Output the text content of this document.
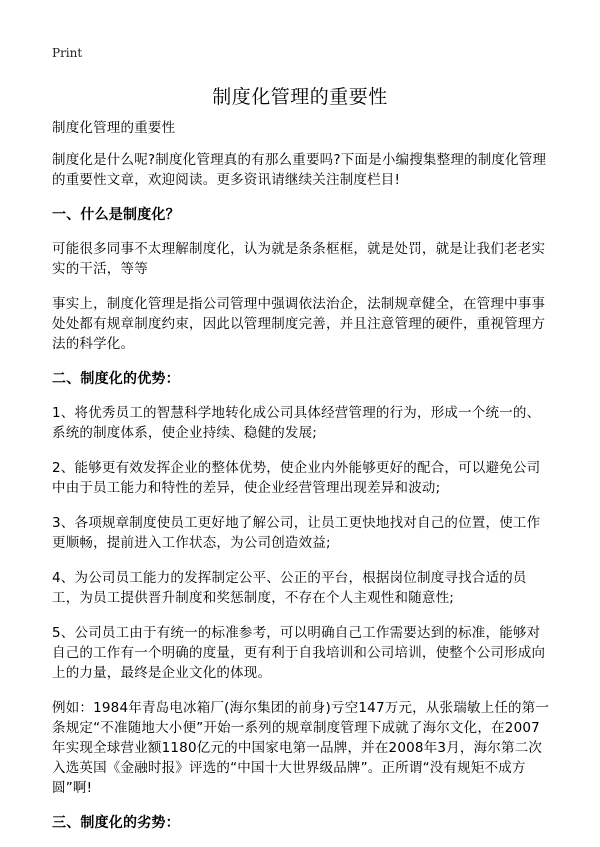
Print
制度化管理的重要性

制度化管理的重要性

制度化是什么呢?制度化管理真的有那么重要吗?下面是小编搜集整理的制度化管理的重要性文章，欢迎阅读。更多资讯请继续关注制度栏目!

一、什么是制度化？

可能很多同事不太理解制度化，认为就是条条框框，就是处罚，就是让我们老老实实的干活，等等

事实上，制度化管理是指公司管理中强调依法治企，法制规章健全，在管理中事事处处都有规章制度约束，因此以管理制度完善，并且注意管理的硬件，重视管理方法的科学化。

二、制度化的优势：

1、将优秀员工的智慧科学地转化成公司具体经营管理的行为，形成一个统一的、系统的制度体系，使企业持续、稳健的发展;

2、能够更有效发挥企业的整体优势，使企业内外能够更好的配合，可以避免公司中由于员工能力和特性的差异，使企业经营管理出现差异和波动;

3、各项规章制度使员工更好地了解公司，让员工更快地找对自己的位置，使工作更顺畅，提前进入工作状态，为公司创造效益;

4、为公司员工能力的发挥制定公平、公正的平台，根据岗位制度寻找合适的员工，为员工提供晋升制度和奖惩制度，不存在个人主观性和随意性;

5、公司员工由于有统一的标准参考，可以明确自己工作需要达到的标准，能够对自己的工作有一个明确的度量，更有利于自我培训和公司培训，使整个公司形成向上的力量，最终是企业文化的体现。

例如：1984年青岛电冰箱厂(海尔集团的前身)亏空147万元，从张瑞敏上任的第一条规定“不准随地大小便”开始一系列的规章制度管理下成就了海尔文化，在2007年实现全球营业额1180亿元的中国家电第一品牌，并在2008年3月，海尔第二次入选英国《金融时报》评选的“中国十大世界级品牌”。正所谓“没有规矩不成方圆”啊!

三、制度化的劣势：
